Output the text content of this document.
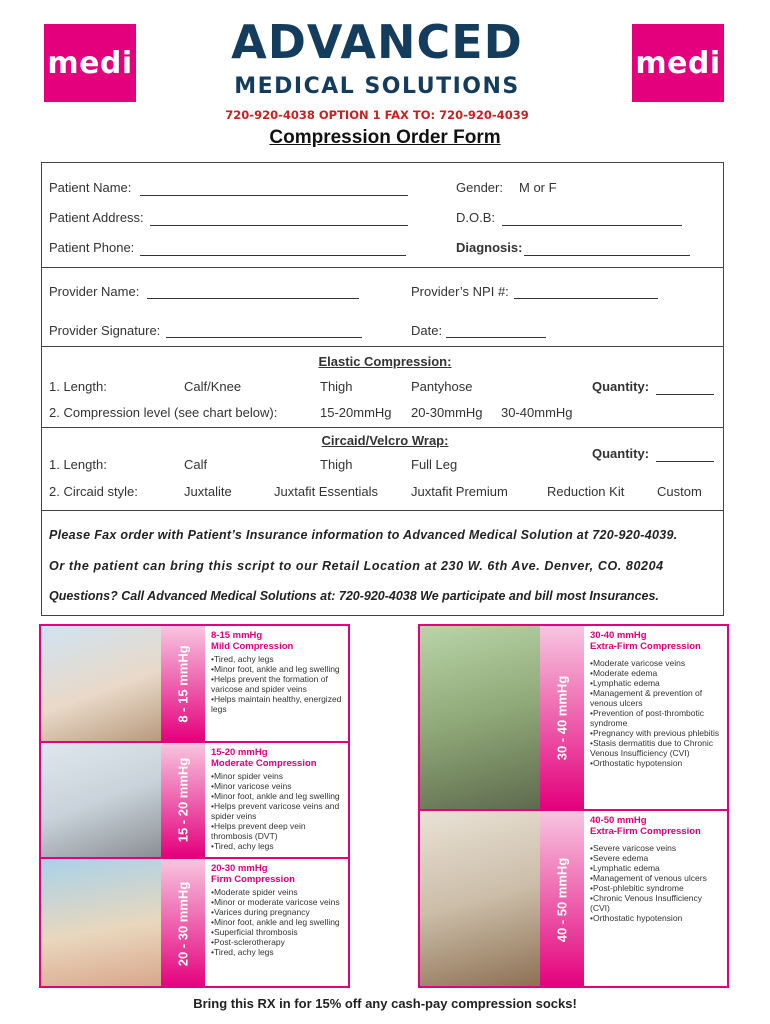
medi	medi
ADVANCED
MEDICAL SOLUTIONS
720-920-4038 OPTION 1 FAX TO: 720-920-4039
Compression Order Form
Patient Name:	Gender: M or F
Patient Address:	D.O.B:
Patient Phone:	Diagnosis:
Provider Name:	Provider’s NPI #:
Provider Signature:	Date:
Elastic Compression:
1. Length:	Calf/Knee	Thigh	Pantyhose	Quantity:
2. Compression level (see chart below):	15-20mmHg 20-30mmHg 30-40mmHg
Circaid/Velcro Wrap:
1. Length:	Calf	Thigh	Full Leg
Quantity:
2. Circaid style:	Juxtalite	Juxtafit Essentials	Juxtafit Premium	Reduction Kit	Custom
Please Fax order with Patient’s Insurance information to Advanced Medical Solution at 720-920-4039.
Or the patient can bring this script to our Retail Location at 230 W. 6th Ave. Denver, CO. 80204
Questions? Call Advanced Medical Solutions at: 720-920-4038 We participate and bill most Insurances.
8 - 15 mmHg
8-15 mmHg
Mild Compression
•Tired, achy legs
•Minor foot, ankle and leg swelling
•Helps prevent the formation of varicose and spider veins
•Helps maintain healthy, energized legs
15 - 20 mmHg
15-20 mmHg
Moderate Compression
•Minor spider veins
•Minor varicose veins
•Minor foot, ankle and leg swelling
•Helps prevent varicose veins and spider veins
•Helps prevent deep vein thrombosis (DVT)
•Tired, achy legs
20 - 30 mmHg
20-30 mmHg
Firm Compression
•Moderate spider veins
•Minor or moderate varicose veins
•Varices during pregnancy
•Minor foot, ankle and leg swelling
•Superficial thrombosis
•Post-sclerotherapy
•Tired, achy legs
30 - 40 mmHg
30-40 mmHg
Extra-Firm Compression
•Moderate varicose veins
•Moderate edema
•Lymphatic edema
•Management & prevention of venous ulcers
•Prevention of post-thrombotic syndrome
•Pregnancy with previous phlebitis
•Stasis dermatitis due to Chronic Venous Insufficiency (CVI)
•Orthostatic hypotension
40 - 50 mmHg
40-50 mmHg
Extra-Firm Compression
•Severe varicose veins
•Severe edema
•Lymphatic edema
•Management of venous ulcers
•Post-phlebitic syndrome
•Chronic Venous Insufficiency (CVI)
•Orthostatic hypotension
Bring this RX in for 15% off any cash-pay compression socks!
